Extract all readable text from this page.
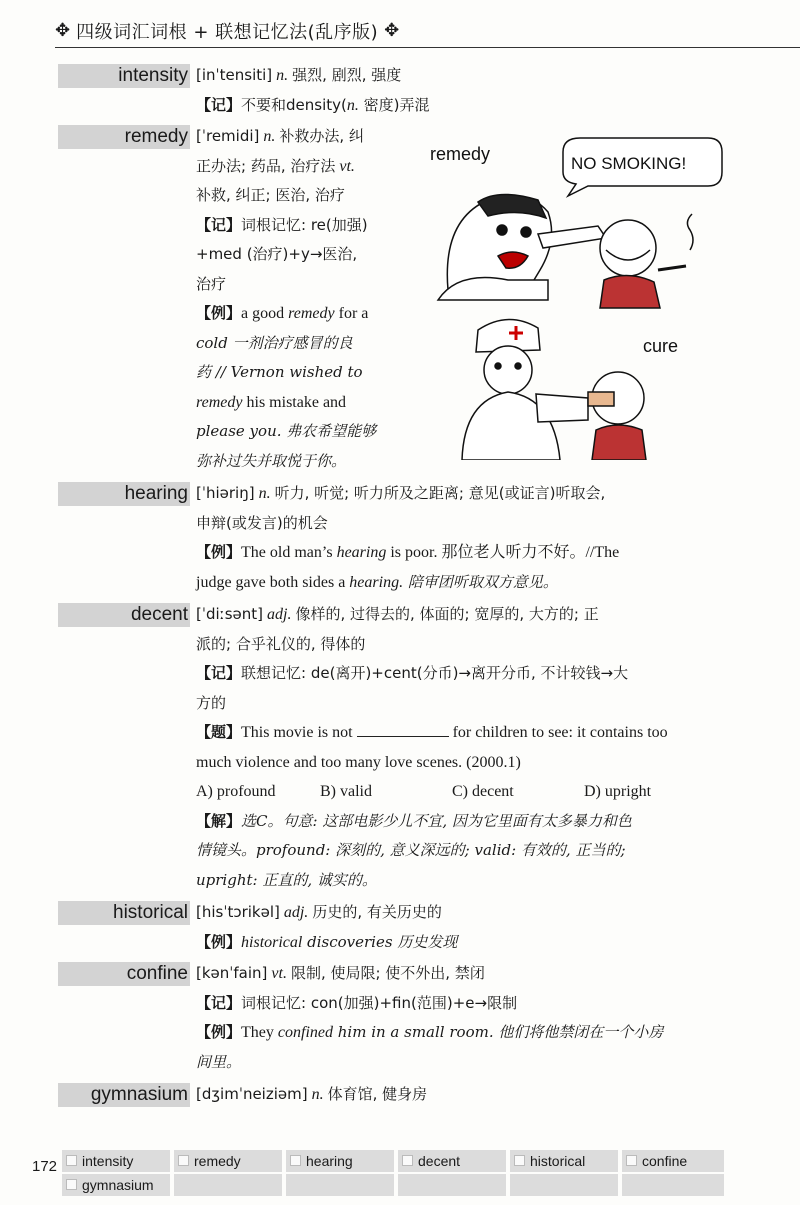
✥ 四级词汇词根 + 联想记忆法(乱序版) ✥
intensity [inˈtensiti] n. 强烈, 剧烈, 强度
【记】不要和density(n. 密度)弄混
remedy [ˈremidi] n. 补救办法, 纠
正办法; 药品, 治疗法 vt.
补救, 纠正; 医治, 治疗
【记】词根记忆: re(加强)
+med (治疗)+y→医治,
治疗
【例】a good remedy for a
cold 一剂治疗感冒的良
药 // Vernon wished to
remedy his mistake and
please you. 弗农希望能够
弥补过失并取悦于你。
remedy	NO SMOKING!
cure
hearing [ˈhiəriŋ] n. 听力, 听觉; 听力所及之距离; 意见(或证言)听取会,
申辩(或发言)的机会
【例】The old man’s hearing is poor. 那位老人听力不好。//The
judge gave both sides a hearing. 陪审团听取双方意见。
decent [ˈdiːsənt] adj. 像样的, 过得去的, 体面的; 宽厚的, 大方的; 正
派的; 合乎礼仪的, 得体的
【记】联想记忆: de(离开)+cent(分币)→离开分币, 不计较钱→大
方的
【题】This movie is not	for children to see: it contains too
much violence and too many love scenes. (2000.1)
A) profound	B) valid	C) decent	D) upright
【解】选C。句意: 这部电影少儿不宜, 因为它里面有太多暴力和色
情镜头。profound: 深刻的, 意义深远的; valid: 有效的, 正当的;
upright: 正直的, 诚实的。
historical [hisˈtɔrikəl] adj. 历史的, 有关历史的
【例】historical discoveries 历史发现
confine [kənˈfain] vt. 限制, 使局限; 使不外出, 禁闭
【记】词根记忆: con(加强)+fin(范围)+e→限制
【例】They confined him in a small room. 他们将他禁闭在一个小房
间里。
gymnasium [dʒimˈneiziəm] n. 体育馆, 健身房
172	intensity	remedy	hearing	decent	historical	confine
gymnasium
